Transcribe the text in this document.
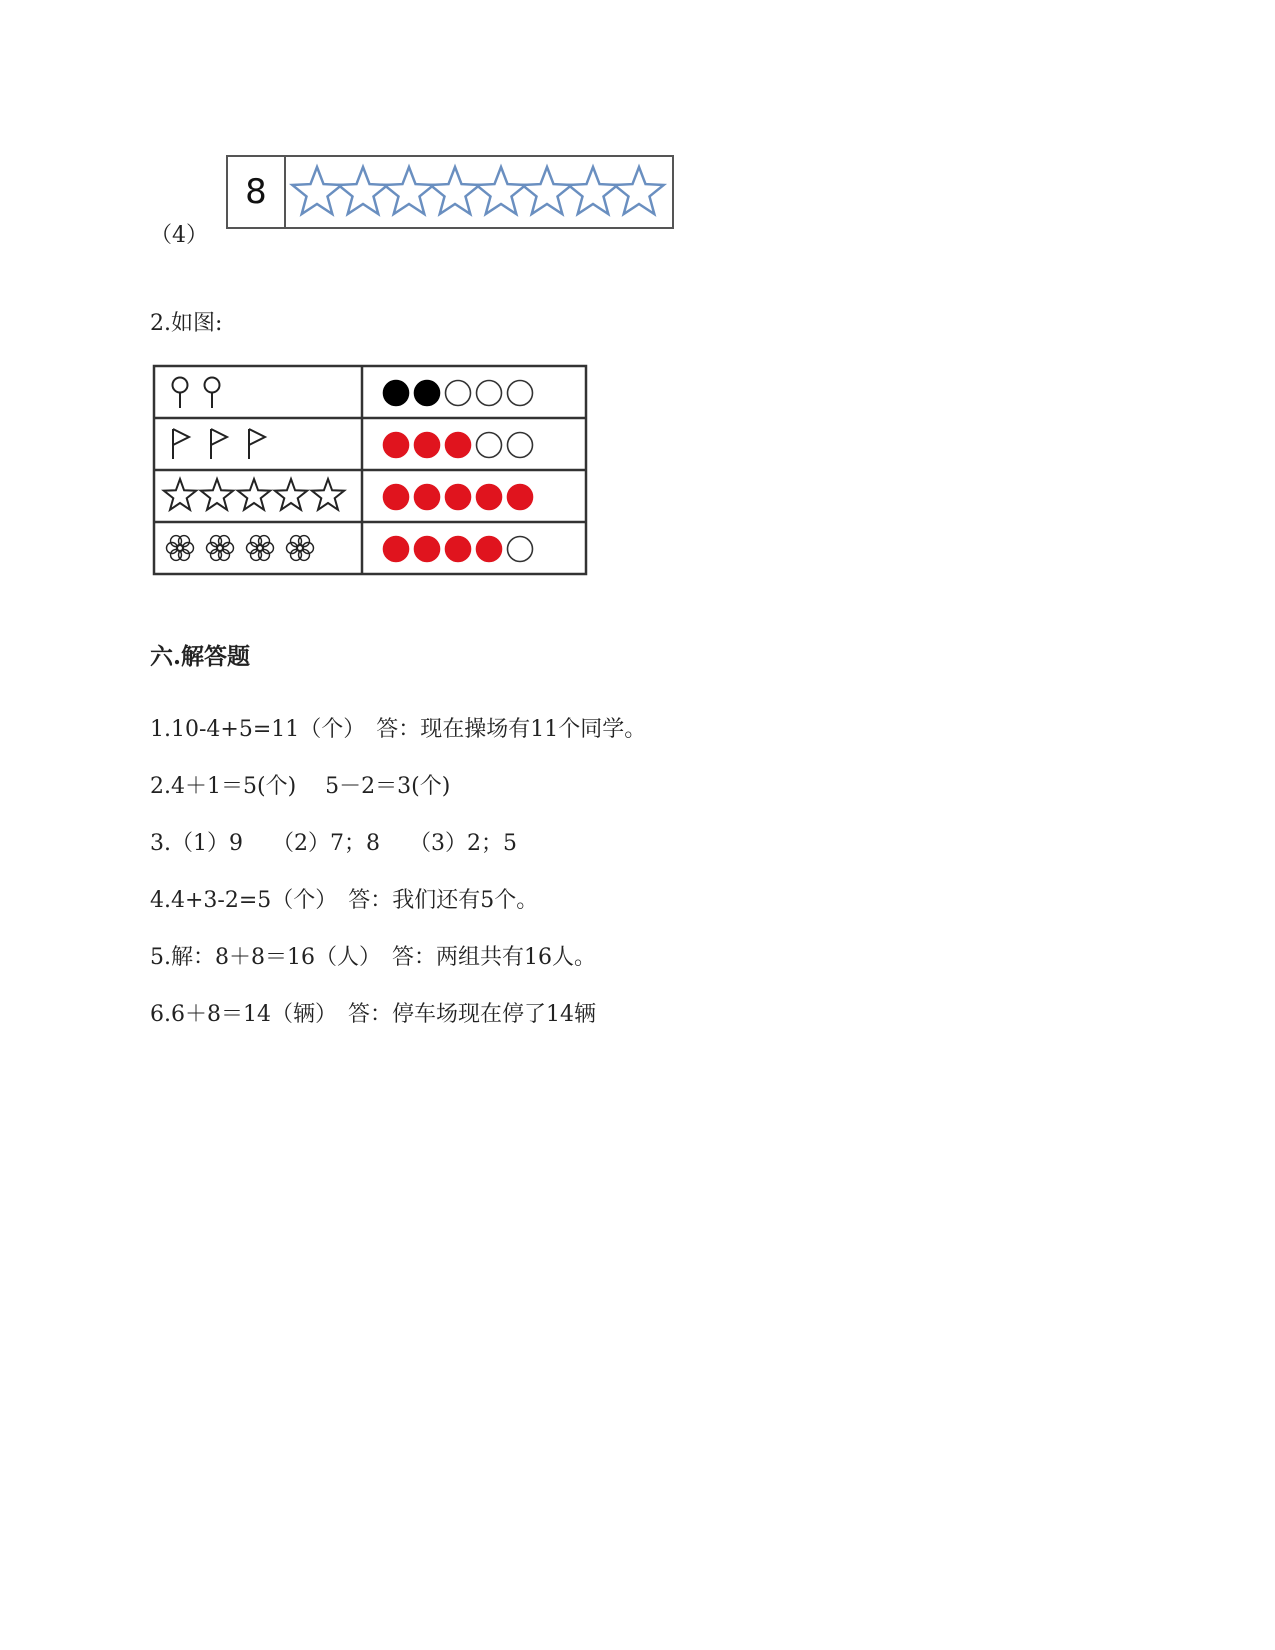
（4）
8
2.如图:
六.解答题
1.10-4+5=11（个）　答：现在操场有11个同学。
2.4＋1＝5(个)　 5－2＝3(个)
3.（1）9　 （2）7；8　 （3）2；5
4.4+3-2=5（个）　答：我们还有5个。
5.解：8＋8＝16（人）　答：两组共有16人。
6.6＋8＝14（辆）　答：停车场现在停了14辆
